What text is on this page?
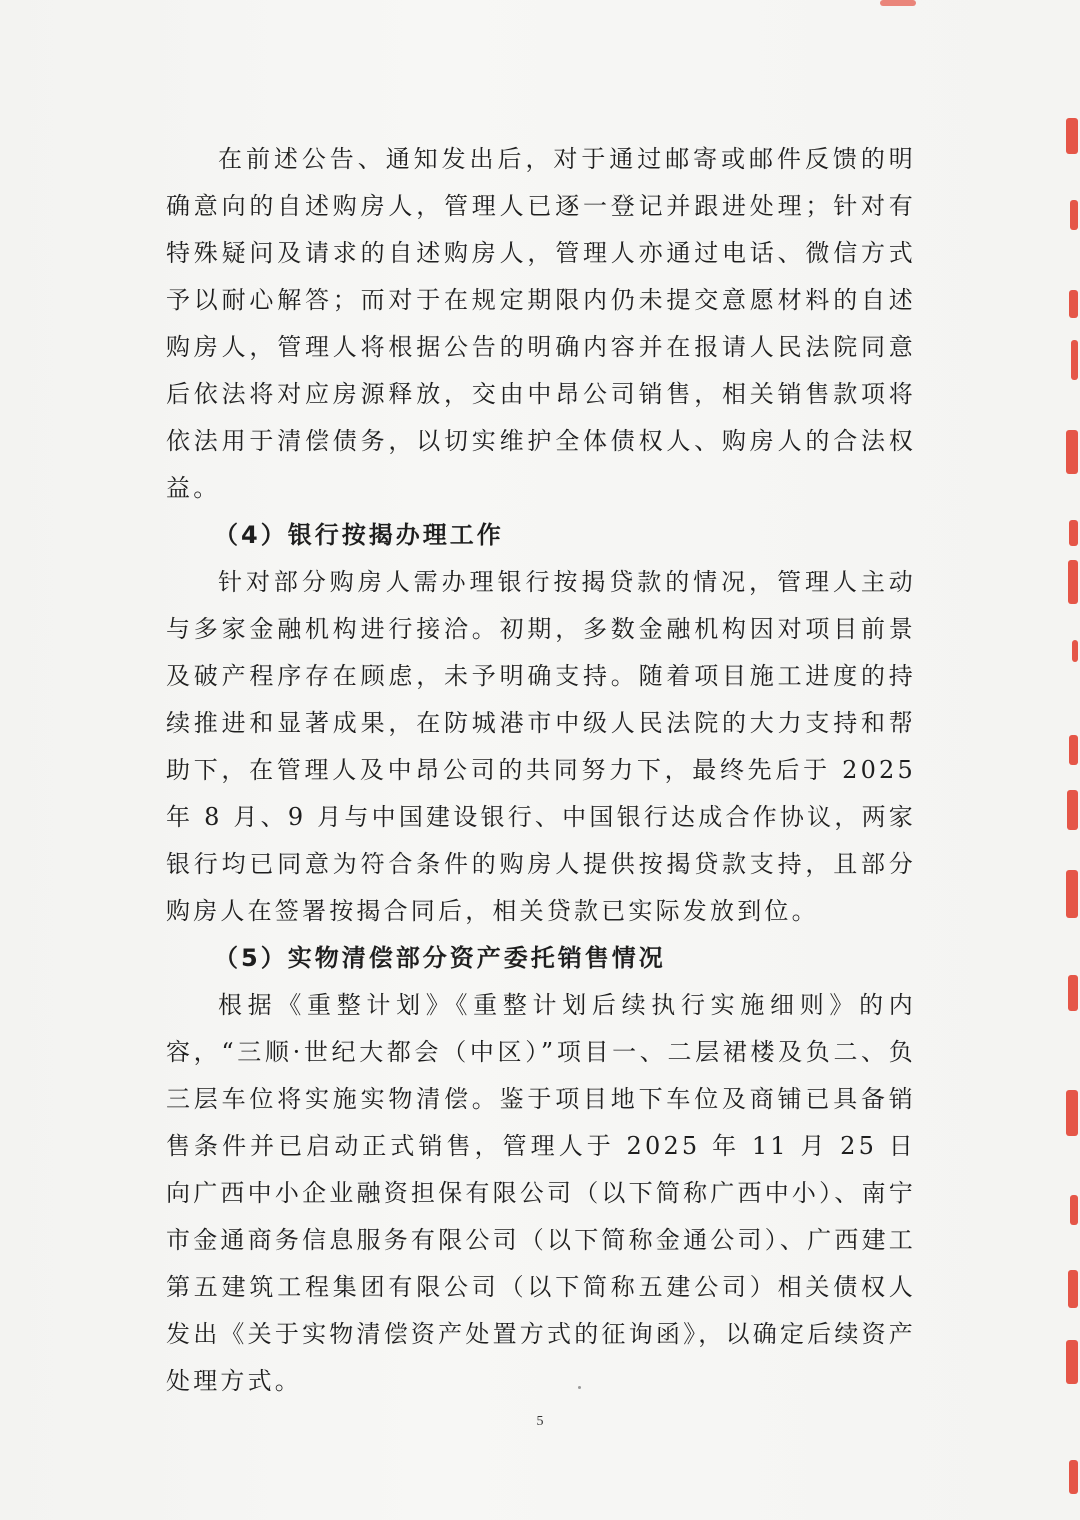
在前述公告、通知发出后，对于通过邮寄或邮件反馈的明确意向的自述购房人，管理人已逐一登记并跟进处理；针对有特殊疑问及请求的自述购房人，管理人亦通过电话、微信方式予以耐心解答；而对于在规定期限内仍未提交意愿材料的自述购房人，管理人将根据公告的明确内容并在报请人民法院同意后依法将对应房源释放，交由中昂公司销售，相关销售款项将依法用于清偿债务，以切实维护全体债权人、购房人的合法权益。

（4）银行按揭办理工作

针对部分购房人需办理银行按揭贷款的情况，管理人主动与多家金融机构进行接洽。初期，多数金融机构因对项目前景及破产程序存在顾虑，未予明确支持。随着项目施工进度的持续推进和显著成果，在防城港市中级人民法院的大力支持和帮助下，在管理人及中昂公司的共同努力下，最终先后于 2025 年 8 月、9 月与中国建设银行、中国银行达成合作协议，两家银行均已同意为符合条件的购房人提供按揭贷款支持，且部分购房人在签署按揭合同后，相关贷款已实际发放到位。

（5）实物清偿部分资产委托销售情况

根据《重整计划》《重整计划后续执行实施细则》的内容，“三顺·世纪大都会（中区）”项目一、二层裙楼及负二、负三层车位将实施实物清偿。鉴于项目地下车位及商铺已具备销售条件并已启动正式销售，管理人于 2025 年 11 月 25 日向广西中小企业融资担保有限公司（以下简称广西中小）、南宁市金通商务信息服务有限公司（以下简称金通公司）、广西建工第五建筑工程集团有限公司（以下简称五建公司）相关债权人发出《关于实物清偿资产处置方式的征询函》，以确定后续资产处理方式。

5
